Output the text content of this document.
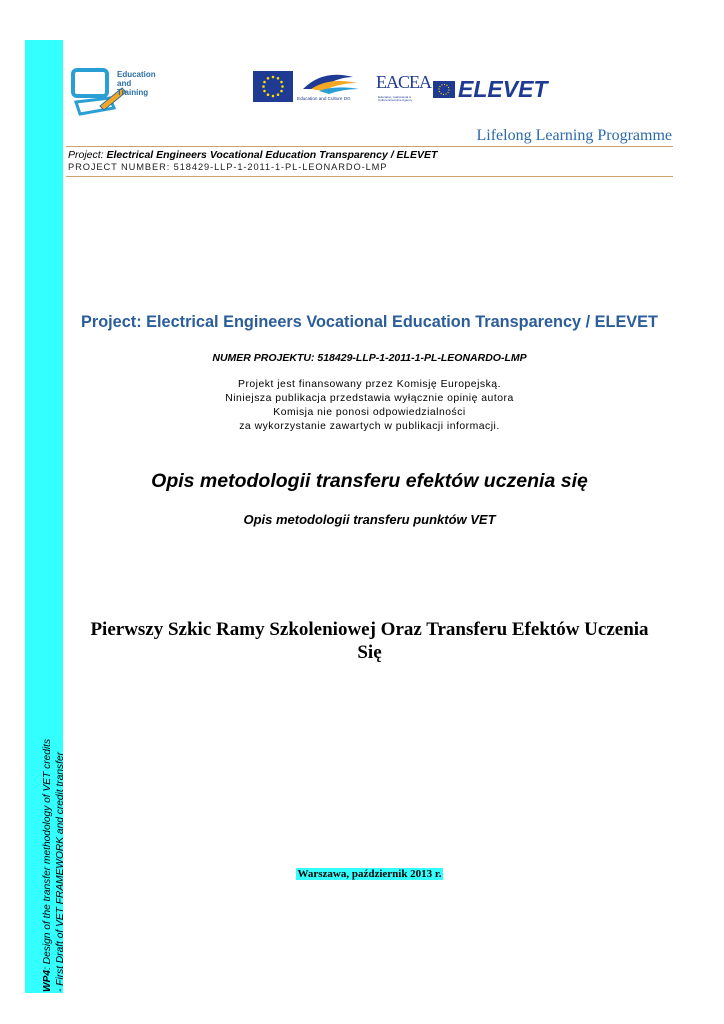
WP4: Design of the transfer methodology of VET credits - First Draft of VET FRAMEWORK and credit transfer
Education
and
Training
Education and Culture DG
EACEA
Education, Audiovisual & Culture Executive Agency ELEVET
Lifelong Learning Programme
Project: Electrical Engineers Vocational Education Transparency / ELEVET
PROJECT NUMBER: 518429-LLP-1-2011-1-PL-LEONARDO-LMP
Project: Electrical Engineers Vocational Education Transparency / ELEVET
NUMER PROJEKTU: 518429-LLP-1-2011-1-PL-LEONARDO-LMP
Projekt jest finansowany przez Komisję Europejską.
Niniejsza publikacja przedstawia wyłącznie opinię autora
Komisja nie ponosi odpowiedzialności
za wykorzystanie zawartych w publikacji informacji.
Opis metodologii transferu efektów uczenia się
Opis metodologii transferu punktów VET
Pierwszy Szkic Ramy Szkoleniowej Oraz Transferu Efektów Uczenia
Się
Warszawa, październik 2013 r.
